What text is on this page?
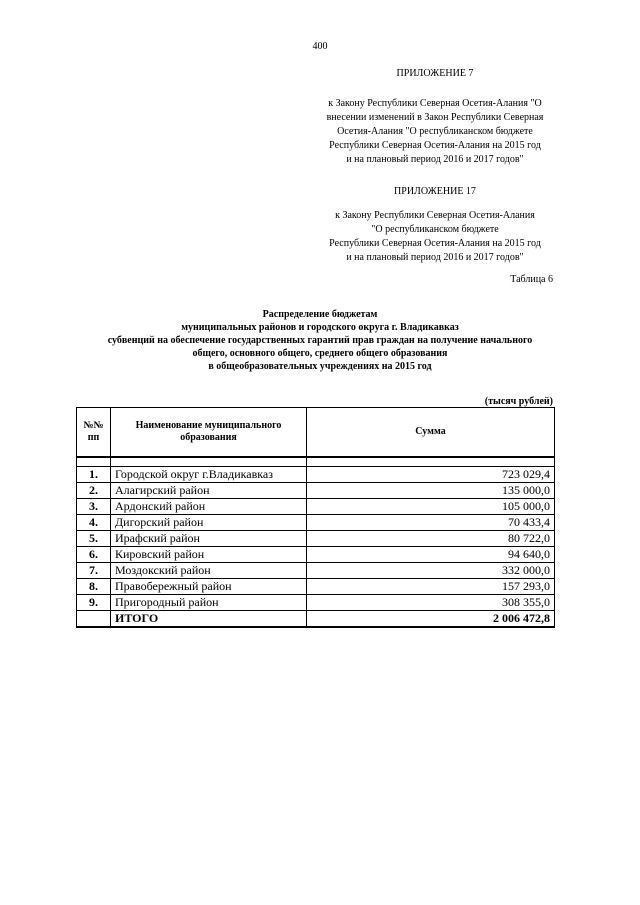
400
ПРИЛОЖЕНИЕ 7
к Закону Республики Северная Осетия-Алания "О
внесении изменений в Закон Республики Северная
Осетия-Алания "О республиканском бюджете
Республики Северная Осетия-Алания на 2015 год
и на плановый период 2016 и 2017 годов"
ПРИЛОЖЕНИЕ 17
к Закону Республики Северная Осетия-Алания
"О республиканском бюджете
Республики Северная Осетия-Алания на 2015 год
и на плановый период 2016 и 2017 годов"
Таблица 6
Распределение бюджетам
муниципальных районов и городского округа г. Владикавказ
субвенций на обеспечение государственных гарантий прав граждан на получение начального
общего, основного общего, среднего общего образования
в общеобразовательных учреждениях на 2015 год
(тысяч рублей)
№№ пп	Наименование муниципального образования	Сумма

1.	Городской округ г.Владикавказ	723 029,4
2.	Алагирский район	135 000,0
3.	Ардонский район	105 000,0
4.	Дигорский район	70 433,4
5.	Ирафский район	80 722,0
6.	Кировский район	94 640,0
7.	Моздокский район	332 000,0
8.	Правобережный район	157 293,0
9.	Пригородный район	308 355,0
	ИТОГО	2 006 472,8
